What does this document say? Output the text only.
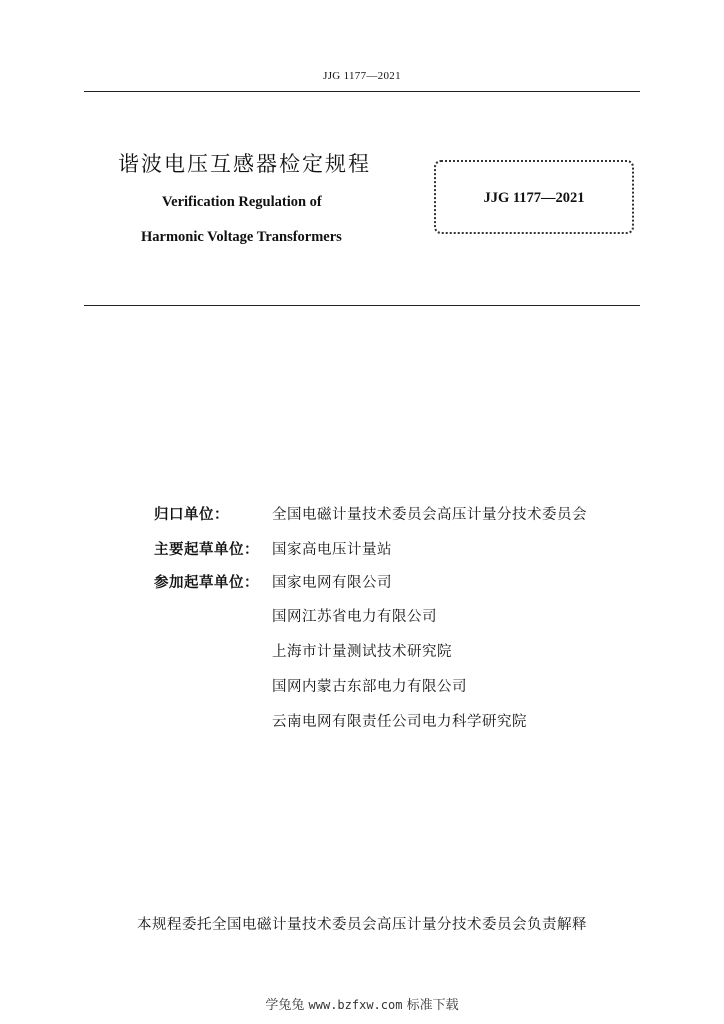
JJG 1177—2021
谐波电压互感器检定规程
Verification Regulation of
Harmonic Voltage Transformers
JJG 1177—2021
归口单位：	全国电磁计量技术委员会高压计量分技术委员会
主要起草单位： 国家高电压计量站
参加起草单位： 国家电网有限公司
国网江苏省电力有限公司
上海市计量测试技术研究院
国网内蒙古东部电力有限公司
云南电网有限责任公司电力科学研究院
本规程委托全国电磁计量技术委员会高压计量分技术委员会负责解释
学兔兔 www.bzfxw.com 标准下载
